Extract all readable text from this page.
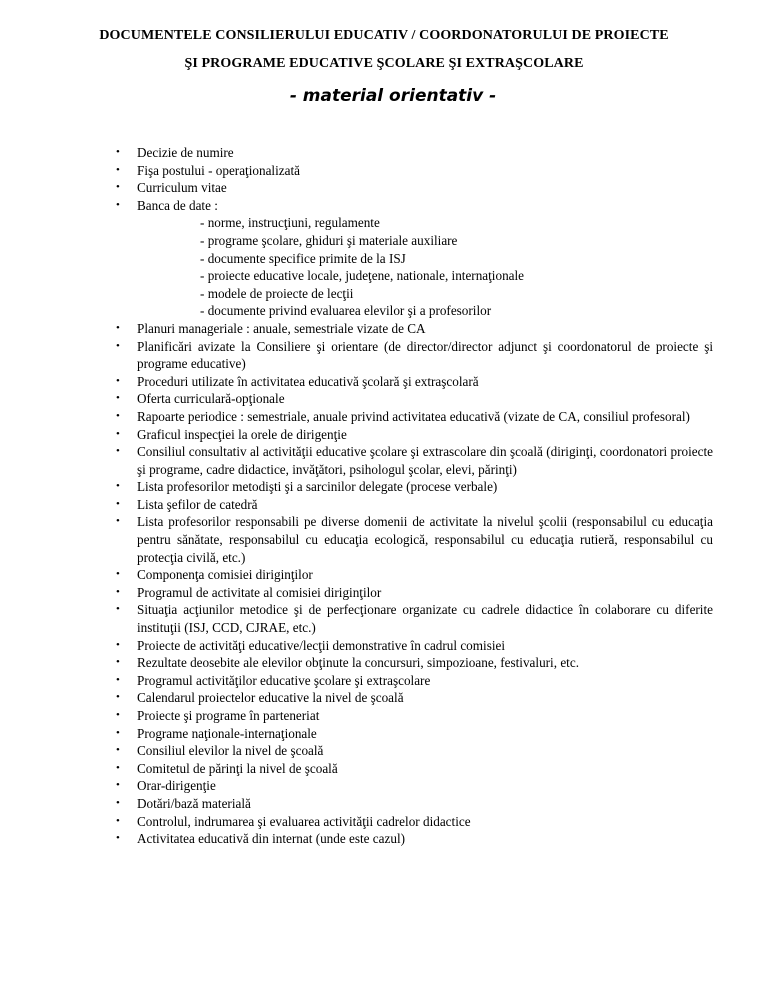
DOCUMENTELE CONSILIERULUI EDUCATIV / COORDONATORULUI DE PROIECTE
ŞI PROGRAME EDUCATIVE ŞCOLARE ŞI EXTRAŞCOLARE
- material orientativ -
• Decizie de numire
• Fişa postului - operaţionalizată
• Curriculum vitae
• Banca de date :
- norme, instrucţiuni, regulamente
- programe şcolare, ghiduri şi materiale auxiliare
- documente specifice primite de la ISJ
- proiecte educative locale, judeţene, nationale, internaţionale
- modele de proiecte de lecţii
- documente privind evaluarea elevilor şi a profesorilor
• Planuri manageriale : anuale, semestriale vizate de CA
• Planificări avizate la Consiliere şi orientare (de director/director adjunct şi coordonatorul de proiecte şi programe educative)
• Proceduri utilizate în activitatea educativă şcolară şi extraşcolară
• Oferta curriculară-opţionale
• Rapoarte periodice : semestriale, anuale privind activitatea educativă (vizate de CA, consiliul profesoral)
• Graficul inspecţiei la orele de dirigenţie
• Consiliul consultativ al activităţii educative şcolare şi extrascolare din şcoală (diriginţi, coordonatori proiecte şi programe, cadre didactice, invăţători, psihologul şcolar, elevi, părinţi)
• Lista profesorilor metodişti şi a sarcinilor delegate (procese verbale)
• Lista şefilor de catedră
• Lista profesorilor responsabili pe diverse domenii de activitate la nivelul şcolii (responsabilul cu educaţia pentru sănătate, responsabilul cu educaţia ecologică, responsabilul cu educaţia rutieră, responsabilul cu protecţia civilă, etc.)
• Componenţa comisiei diriginţilor
• Programul de activitate al comisiei diriginţilor
• Situaţia acţiunilor metodice şi de perfecţionare organizate cu cadrele didactice în colaborare cu diferite instituţii (ISJ, CCD, CJRAE, etc.)
• Proiecte de activităţi educative/lecţii demonstrative în cadrul comisiei
• Rezultate deosebite ale elevilor obţinute la concursuri, simpozioane, festivaluri, etc.
• Programul activităţilor educative şcolare şi extraşcolare
• Calendarul proiectelor educative la nivel de şcoală
• Proiecte şi programe în parteneriat
• Programe naţionale-internaţionale
• Consiliul elevilor la nivel de şcoală
• Comitetul de părinţi la nivel de şcoală
• Orar-dirigenţie
• Dotări/bază materială
• Controlul, indrumarea şi evaluarea activităţii cadrelor didactice
• Activitatea educativă din internat (unde este cazul)
